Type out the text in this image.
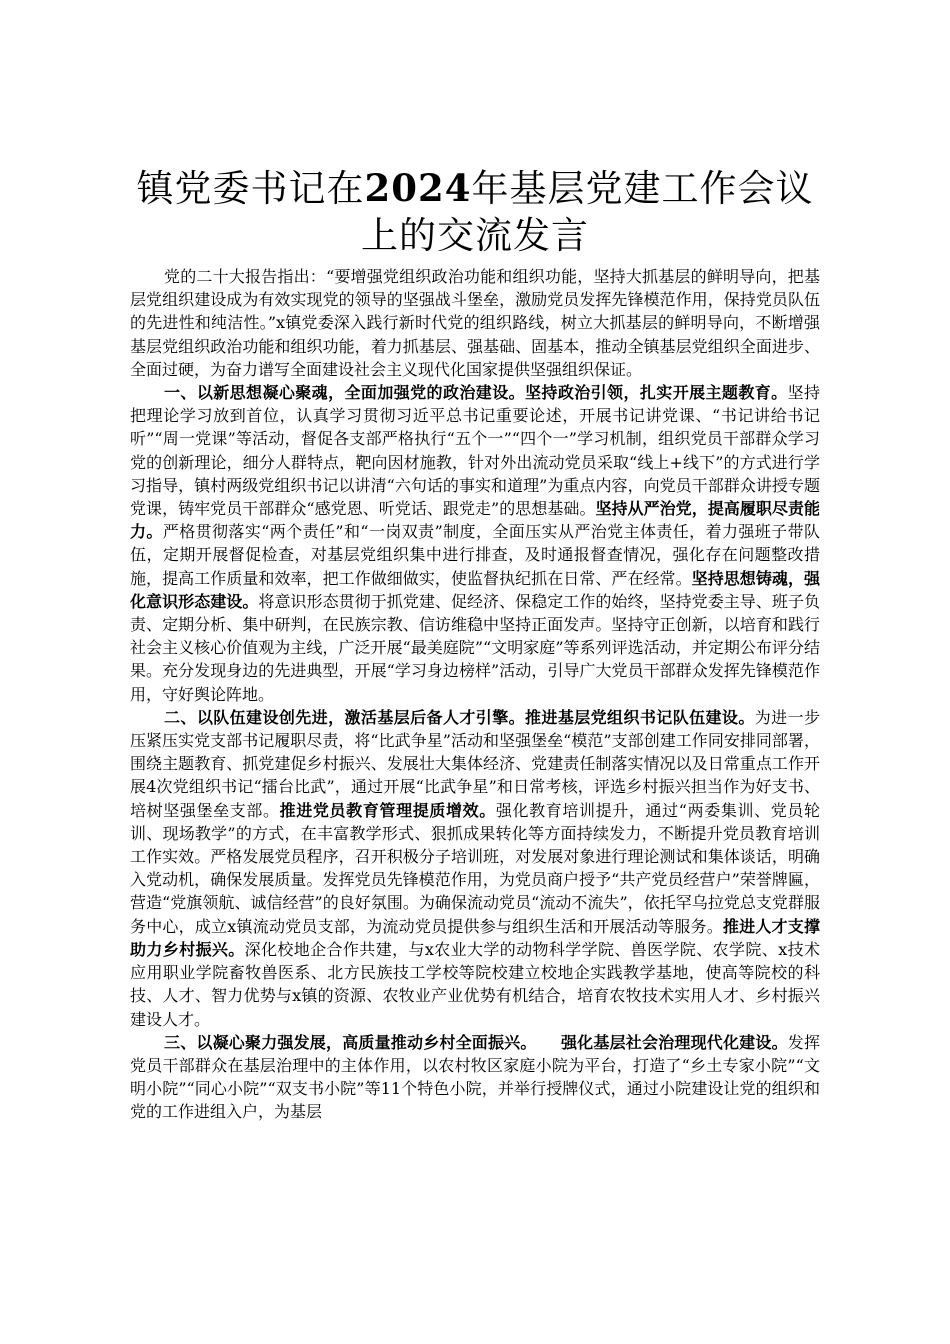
镇党委书记在2024年基层党建工作会议上的交流发言

党的二十大报告指出：“要增强党组织政治功能和组织功能，坚持大抓基层的鲜明导向，把基层党组织建设成为有效实现党的领导的坚强战斗堡垒，激励党员发挥先锋模范作用，保持党员队伍的先进性和纯洁性。”x镇党委深入践行新时代党的组织路线，树立大抓基层的鲜明导向，不断增强基层党组织政治功能和组织功能，着力抓基层、强基础、固基本，推动全镇基层党组织全面进步、全面过硬，为奋力谱写全面建设社会主义现代化国家提供坚强组织保证。

一、以新思想凝心聚魂，全面加强党的政治建设。坚持政治引领，扎实开展主题教育。坚持把理论学习放到首位，认真学习贯彻习近平总书记重要论述，开展书记讲党课、“书记讲给书记听”“周一党课”等活动，督促各支部严格执行“五个一”“四个一”学习机制，组织党员干部群众学习党的创新理论，细分人群特点，靶向因材施教，针对外出流动党员采取“线上+线下”的方式进行学习指导，镇村两级党组织书记以讲清“六句话的事实和道理”为重点内容，向党员干部群众讲授专题党课，铸牢党员干部群众“感党恩、听党话、跟党走”的思想基础。坚持从严治党，提高履职尽责能力。严格贯彻落实“两个责任”和“一岗双责”制度，全面压实从严治党主体责任，着力强班子带队伍，定期开展督促检查，对基层党组织集中进行排查，及时通报督查情况，强化存在问题整改措施，提高工作质量和效率，把工作做细做实，使监督执纪抓在日常、严在经常。坚持思想铸魂，强化意识形态建设。将意识形态贯彻于抓党建、促经济、保稳定工作的始终，坚持党委主导、班子负责、定期分析、集中研判，在民族宗教、信访维稳中坚持正面发声。坚持守正创新，以培育和践行社会主义核心价值观为主线，广泛开展“最美庭院”“文明家庭”等系列评选活动，并定期公布评分结果。充分发现身边的先进典型，开展“学习身边榜样”活动，引导广大党员干部群众发挥先锋模范作用，守好舆论阵地。

二、以队伍建设创先进，激活基层后备人才引擎。推进基层党组织书记队伍建设。为进一步压紧压实党支部书记履职尽责，将“比武争星”活动和坚强堡垒“模范”支部创建工作同安排同部署，围绕主题教育、抓党建促乡村振兴、发展壮大集体经济、党建责任制落实情况以及日常重点工作开展4次党组织书记“擂台比武”，通过开展“比武争星”和日常考核，评选乡村振兴担当作为好支书、培树坚强堡垒支部。推进党员教育管理提质增效。强化教育培训提升，通过“两委集训、党员轮训、现场教学”的方式，在丰富教学形式、狠抓成果转化等方面持续发力，不断提升党员教育培训工作实效。严格发展党员程序，召开积极分子培训班，对发展对象进行理论测试和集体谈话，明确入党动机，确保发展质量。发挥党员先锋模范作用，为党员商户授予“共产党员经营户”荣誉牌匾，营造“党旗领航、诚信经营”的良好氛围。为确保流动党员“流动不流失”，依托罕乌拉党总支党群服务中心，成立x镇流动党员支部，为流动党员提供参与组织生活和开展活动等服务。推进人才支撑助力乡村振兴。深化校地企合作共建，与x农业大学的动物科学学院、兽医学院、农学院、x技术应用职业学院畜牧兽医系、北方民族技工学校等院校建立校地企实践教学基地，使高等院校的科技、人才、智力优势与x镇的资源、农牧业产业优势有机结合，培育农牧技术实用人才、乡村振兴建设人才。

三、以凝心聚力强发展，高质量推动乡村全面振兴。　　强化基层社会治理现代化建设。发挥党员干部群众在基层治理中的主体作用，以农村牧区家庭小院为平台，打造了“乡土专家小院”“文明小院”“同心小院”“双支书小院”等11个特色小院，并举行授牌仪式，通过小院建设让党的组织和党的工作进组入户，为基层
